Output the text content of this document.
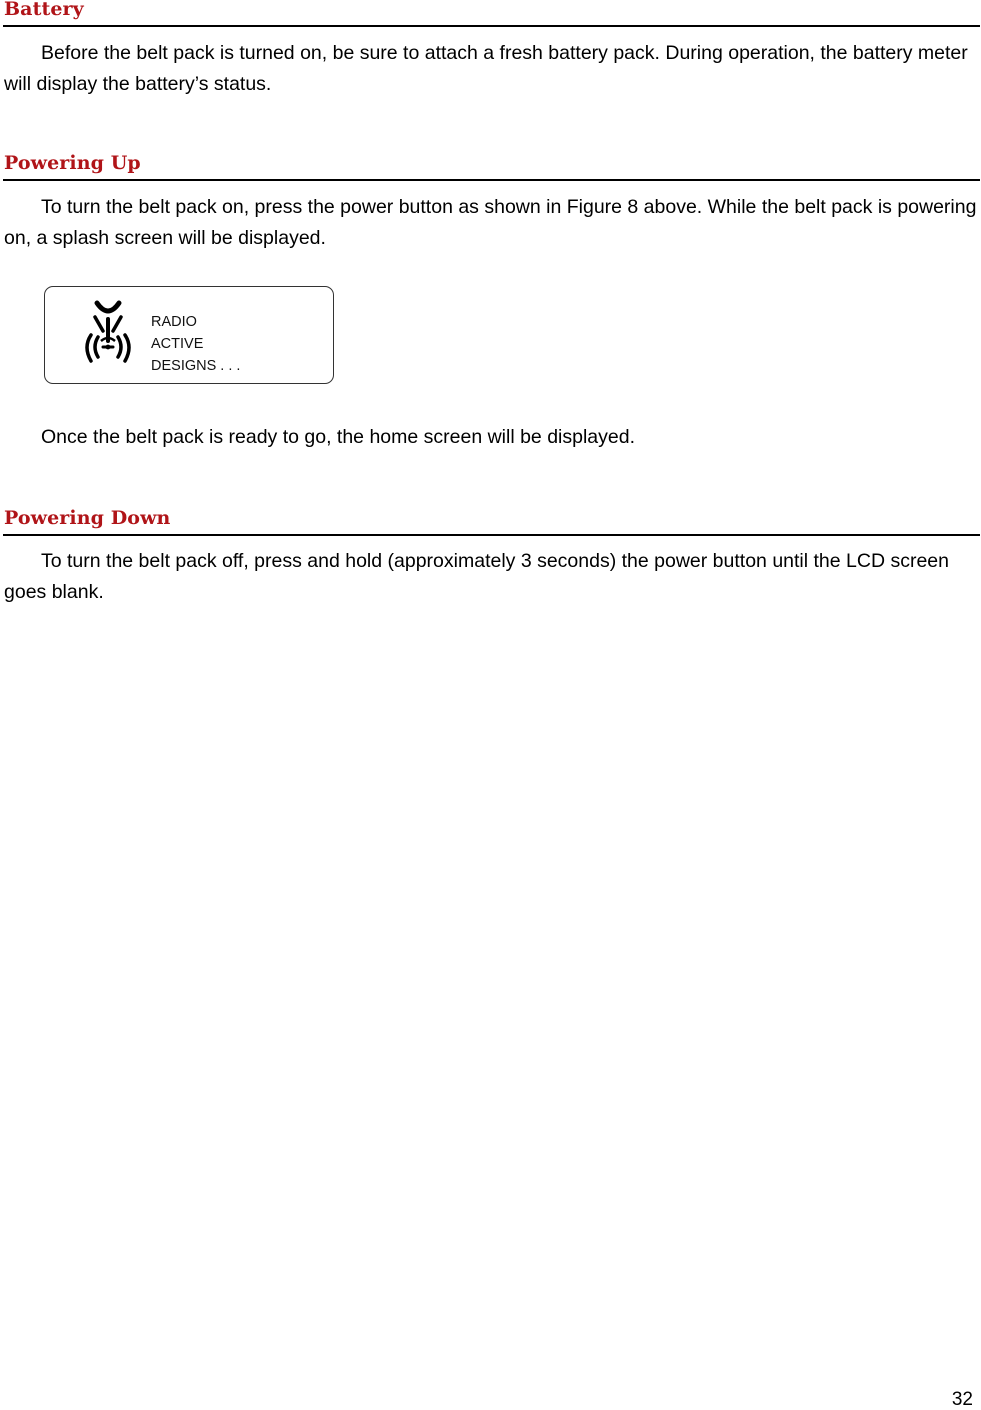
Battery

Before the belt pack is turned on, be sure to attach a fresh battery pack. During operation, the battery meter will display the battery’s status.

Powering Up

To turn the belt pack on, press the power button as shown in Figure 8 above. While the belt pack is powering on, a splash screen will be displayed.

RADIO
ACTIVE
DESIGNS . . .

Once the belt pack is ready to go, the home screen will be displayed.

Powering Down

To turn the belt pack off, press and hold (approximately 3 seconds) the power button until the LCD screen goes blank.

32
